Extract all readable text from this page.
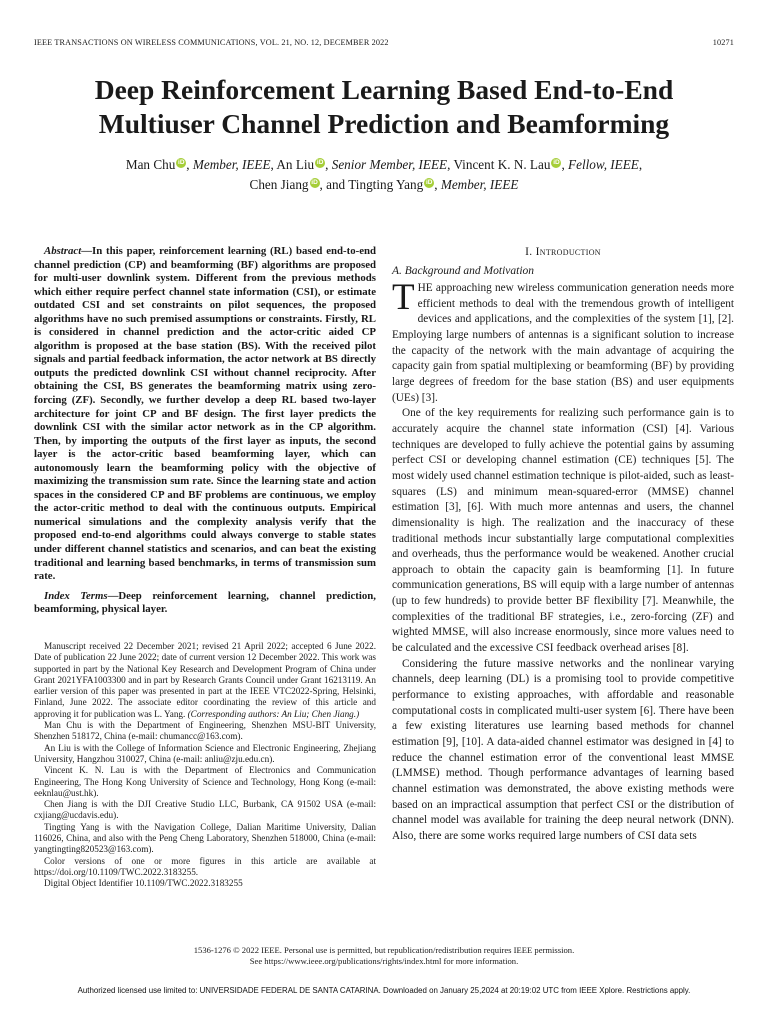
IEEE TRANSACTIONS ON WIRELESS COMMUNICATIONS, VOL. 21, NO. 12, DECEMBER 2022	10271
Deep Reinforcement Learning Based End-to-End
Multiuser Channel Prediction and Beamforming
Man Chu iD , Member, IEEE, An Liu iD , Senior Member, IEEE, Vincent K. N. Lau iD , Fellow, IEEE,
Chen Jiang iD , and Tingting Yang iD , Member, IEEE

Abstract—In this paper, reinforcement learning (RL) based end-to-end channel prediction (CP) and beamforming (BF) algorithms are proposed for multi-user downlink system. Different from the previous methods which either require perfect channel state information (CSI), or estimate outdated CSI and set constraints on pilot sequences, the proposed algorithms have no such premised assumptions or constraints. Firstly, RL is considered in channel prediction and the actor-critic aided CP algorithm is proposed at the base station (BS). With the received pilot signals and partial feedback information, the actor network at BS directly outputs the predicted downlink CSI without channel reciprocity. After obtaining the CSI, BS generates the beamforming matrix using zero-forcing (ZF). Secondly, we further develop a deep RL based two-layer architecture for joint CP and BF design. The first layer predicts the downlink CSI with the similar actor network as in the CP algorithm. Then, by importing the outputs of the first layer as inputs, the second layer is the actor-critic based beamforming layer, which can autonomously learn the beamforming policy with the objective of maximizing the transmission sum rate. Since the learning state and action spaces in the considered CP and BF problems are continuous, we employ the actor-critic method to deal with the continuous outputs. Empirical numerical simulations and the complexity analysis verify that the proposed end-to-end algorithms could always converge to stable states under different channel statistics and scenarios, and can beat the existing traditional and learning based benchmarks, in terms of transmission sum rate.

Index Terms—Deep reinforcement learning, channel prediction, beamforming, physical layer.

Manuscript received 22 December 2021; revised 21 April 2022; accepted 6 June 2022. Date of publication 22 June 2022; date of current version 12 December 2022. This work was supported in part by the National Key Research and Development Program of China under Grant 2021YFA1003300 and in part by Research Grants Council under Grant 16213119. An earlier version of this paper was presented in part at the IEEE VTC2022-Spring, Helsinki, Finland, June 2022. The associate editor coordinating the review of this article and approving it for publication was L. Yang. (Corresponding authors: An Liu; Chen Jiang.)

Man Chu is with the Department of Engineering, Shenzhen MSU-BIT University, Shenzhen 518172, China (e-mail: chumancc@163.com).

An Liu is with the College of Information Science and Electronic Engineering, Zhejiang University, Hangzhou 310027, China (e-mail: anliu@zju.edu.cn).

Vincent K. N. Lau is with the Department of Electronics and Communication Engineering, The Hong Kong University of Science and Technology, Hong Kong (e-mail: eeknlau@ust.hk).

Chen Jiang is with the DJI Creative Studio LLC, Burbank, CA 91502 USA (e-mail: cxjiang@ucdavis.edu).

Tingting Yang is with the Navigation College, Dalian Maritime University, Dalian 116026, China, and also with the Peng Cheng Laboratory, Shenzhen 518000, China (e-mail: yangtingting820523@163.com).

Color versions of one or more figures in this article are available at https://doi.org/10.1109/TWC.2022.3183255.

Digital Object Identifier 10.1109/TWC.2022.3183255

I. Introduction
A. Background and Motivation

THE approaching new wireless communication generation needs more efficient methods to deal with the tremendous growth of intelligent devices and applications, and the complexities of the system [1], [2]. Employing large numbers of antennas is a significant solution to increase the capacity of the network with the main advantage of acquiring the capacity gain from spatial multiplexing or beamforming (BF) by providing large degrees of freedom for the base station (BS) and user equipments (UEs) [3].

One of the key requirements for realizing such performance gain is to accurately acquire the channel state information (CSI) [4]. Various techniques are developed to fully achieve the potential gains by assuming perfect CSI or developing channel estimation (CE) techniques [5]. The most widely used channel estimation technique is pilot-aided, such as least-squares (LS) and minimum mean-squared-error (MMSE) channel estimation [3], [6]. With much more antennas and users, the channel dimensionality is high. The realization and the inaccuracy of these traditional methods incur substantially large computational complexities and overheads, thus the performance would be weakened. Another crucial approach to obtain the capacity gain is beamforming [1]. In future communication generations, BS will equip with a large number of antennas (up to few hundreds) to provide better BF flexibility [7]. Meanwhile, the complexities of the traditional BF strategies, i.e., zero-forcing (ZF) and wighted MMSE, will also increase enormously, since more values need to be calculated and the excessive CSI feedback overhead arises [8].

Considering the future massive networks and the nonlinear varying channels, deep learning (DL) is a promising tool to provide competitive performance to existing approaches, with affordable and reasonable computational costs in complicated multi-user system [6]. There have been a few existing literatures use learning based methods for channel estimation [9], [10]. A data-aided channel estimator was designed in [4] to reduce the channel estimation error of the conventional least MMSE (LMMSE) method. Though performance advantages of learning based channel estimation was demonstrated, the above existing methods were based on an impractical assumption that perfect CSI or the distribution of channel model was available for training the deep neural network (DNN). Also, there are some works required large numbers of CSI data sets

1536-1276 © 2022 IEEE. Personal use is permitted, but republication/redistribution requires IEEE permission.
See https://www.ieee.org/publications/rights/index.html for more information.
Authorized licensed use limited to: UNIVERSIDADE FEDERAL DE SANTA CATARINA. Downloaded on January 25,2024 at 20:19:02 UTC from IEEE Xplore. Restrictions apply.
